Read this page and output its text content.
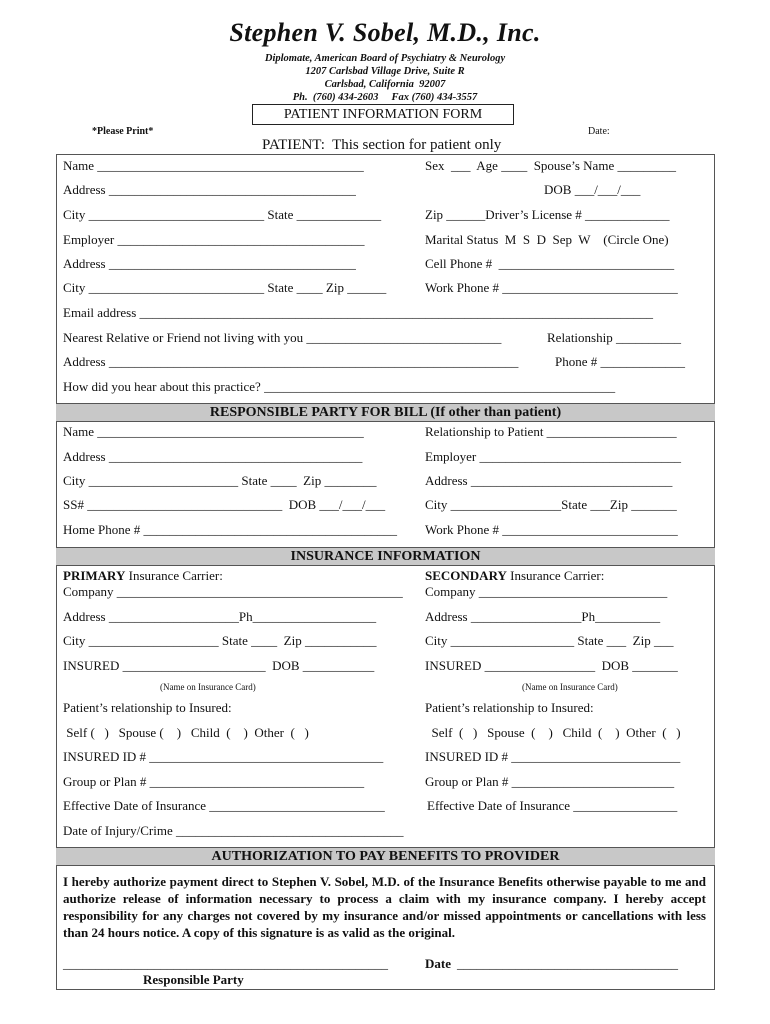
Stephen V. Sobel, M.D., Inc.
Diplomate, American Board of Psychiatry & Neurology
1207 Carlsbad Village Drive, Suite R
Carlsbad, California  92007
Ph.  (760) 434-2603     Fax (760) 434-3557
PATIENT INFORMATION FORM
*Please Print*	Date:
PATIENT:  This section for patient only
Name _________________________________________	Sex  ___  Age ____  Spouse’s Name _________
Address ______________________________________	DOB ___/___/___
City ___________________________ State _____________	Zip ______Driver’s License # _____________
Employer ______________________________________	Marital Status  M  S  D  Sep  W    (Circle One)
Address ______________________________________	Cell Phone #  ___________________________
City ___________________________ State ____ Zip ______	Work Phone # ___________________________
Email address _______________________________________________________________________________
Nearest Relative or Friend not living with you ______________________________	Relationship __________
Address _______________________________________________________________	Phone # _____________
How did you hear about this practice? ______________________________________________________
RESPONSIBLE PARTY FOR BILL (If other than patient)
Name _________________________________________	Relationship to Patient ____________________
Address _______________________________________	Employer _______________________________
City _______________________ State ____  Zip ________	Address _______________________________
SS# ______________________________  DOB ___/___/___	City _________________State ___Zip _______
Home Phone # _______________________________________ Work Phone # ___________________________
INSURANCE INFORMATION
PRIMARY Insurance Carrier:	SECONDARY Insurance Carrier:
Company ____________________________________________ Company _____________________________
Address ____________________Ph___________________	Address _________________Ph__________
City ____________________ State ____  Zip ___________	City ___________________ State ___  Zip ___
INSURED ______________________  DOB ___________	INSURED _________________  DOB _______
(Name on Insurance Card)	(Name on Insurance Card)
Patient’s relationship to Insured:	Patient’s relationship to Insured:
Self (   )   Spouse (    )   Child  (    )  Other  (   )	Self  (   )   Spouse  (    )   Child  (    )  Other  (   )
INSURED ID # ____________________________________	INSURED ID # __________________________
Group or Plan # _________________________________	Group or Plan # _________________________
Effective Date of Insurance ___________________________	Effective Date of Insurance ________________
Date of Injury/Crime ___________________________________
AUTHORIZATION TO PAY BENEFITS TO PROVIDER
I hereby authorize payment direct to Stephen V. Sobel, M.D. of the Insurance Benefits otherwise payable to me and authorize release of information necessary to process a claim with my insurance company. I hereby accept responsibility for any charges not covered by my insurance and/or missed appointments or cancellations with less than 24 hours notice. A copy of this signature is as valid as the original.
__________________________________________________	Date __________________________________
Responsible Party
